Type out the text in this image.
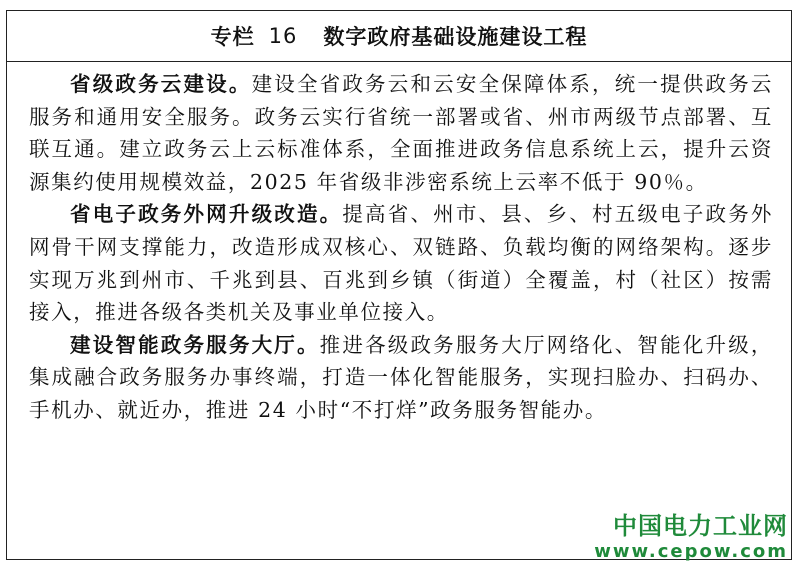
专栏 16 数字政府基础设施建设工程

省级政务云建设。建设全省政务云和云安全保障体系，统一提供政务云服务和通用安全服务。政务云实行省统一部署或省、州市两级节点部署、互联互通。建立政务云上云标准体系，全面推进政务信息系统上云，提升云资源集约使用规模效益，2025 年省级非涉密系统上云率不低于 90％。

省电子政务外网升级改造。提高省、州市、县、乡、村五级电子政务外网骨干网支撑能力，改造形成双核心、双链路、负载均衡的网络架构。逐步实现万兆到州市、千兆到县、百兆到乡镇（街道）全覆盖，村（社区）按需接入，推进各级各类机关及事业单位接入。

建设智能政务服务大厅。推进各级政务服务大厅网络化、智能化升级，集成融合政务服务办事终端，打造一体化智能服务，实现扫脸办、扫码办、手机办、就近办，推进 24 小时“不打烊”政务服务智能办。

中国电力工业网
www.cepow.com
